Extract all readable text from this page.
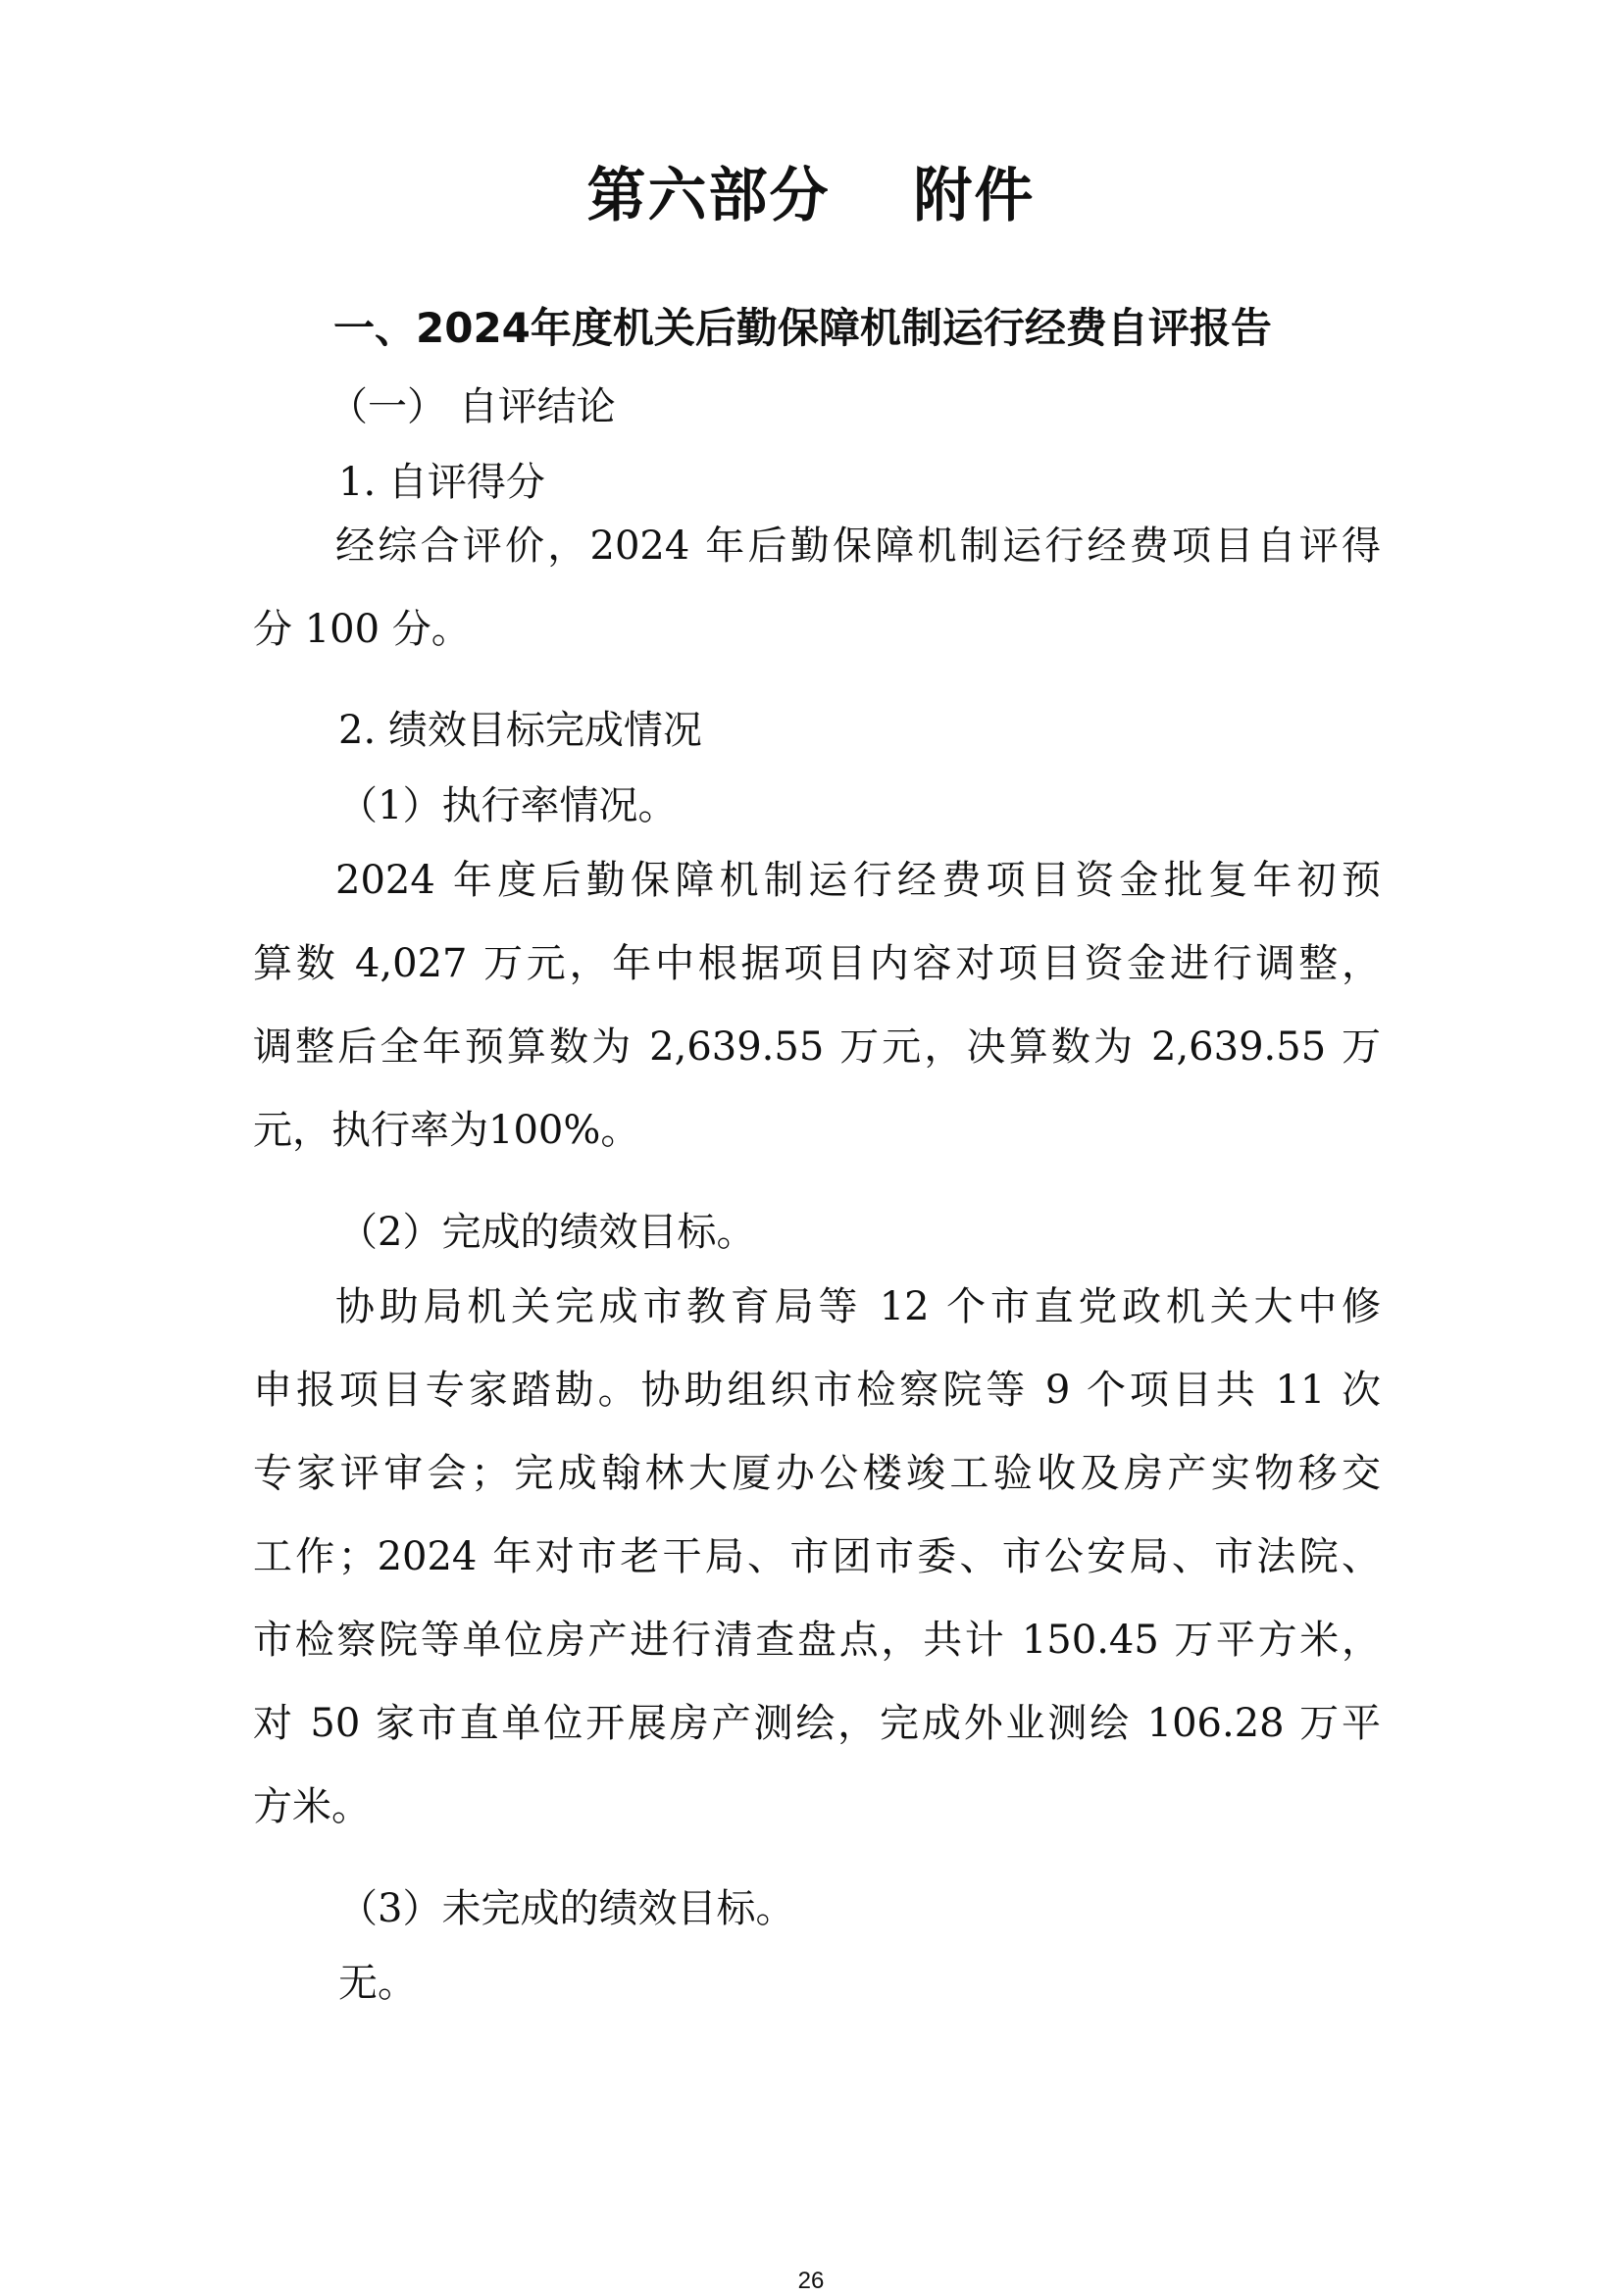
第六部分　 附件
一、2024年度机关后勤保障机制运行经费自评报告
（一） 自评结论
1. 自评得分
经综合评价，2024 年后勤保障机制运行经费项目自评得
分 100 分。
2. 绩效目标完成情况
（1）执行率情况。
2024 年度后勤保障机制运行经费项目资金批复年初预
算数 4,027 万元，年中根据项目内容对项目资金进行调整，
调整后全年预算数为 2,639.55 万元，决算数为 2,639.55 万
元，执行率为100%。
（2）完成的绩效目标。
协助局机关完成市教育局等 12 个市直党政机关大中修
申报项目专家踏勘。协助组织市检察院等 9 个项目共 11 次
专家评审会；完成翰林大厦办公楼竣工验收及房产实物移交
工作；2024 年对市老干局、市团市委、市公安局、市法院、
市检察院等单位房产进行清查盘点，共计 150.45 万平方米，
对 50 家市直单位开展房产测绘，完成外业测绘 106.28 万平
方米。
（3）未完成的绩效目标。
无。
26
